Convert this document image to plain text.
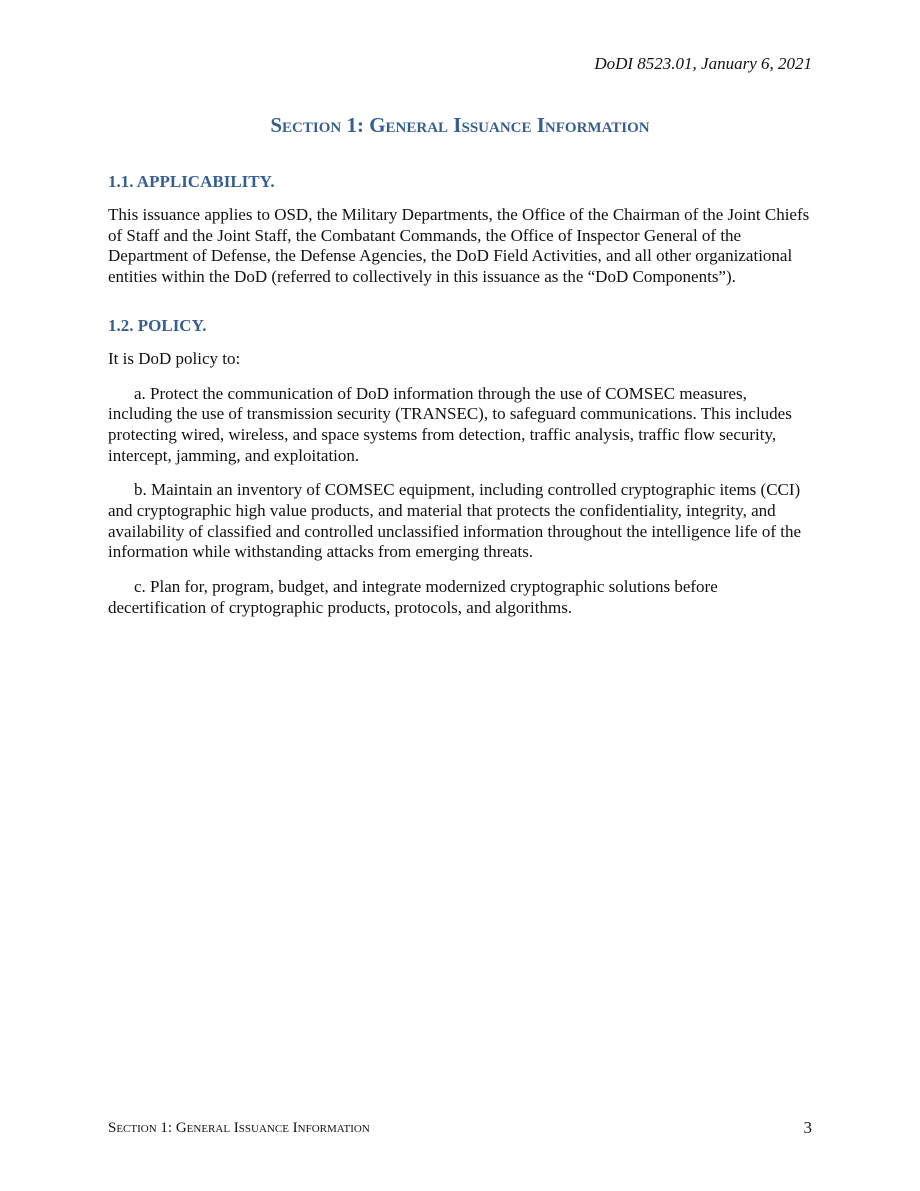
DoDI 8523.01, January 6, 2021
Section 1: General Issuance Information

1.1. APPLICABILITY.

This issuance applies to OSD, the Military Departments, the Office of the Chairman of the Joint Chiefs of Staff and the Joint Staff, the Combatant Commands, the Office of Inspector General of the Department of Defense, the Defense Agencies, the DoD Field Activities, and all other organizational entities within the DoD (referred to collectively in this issuance as the “DoD Components”).

1.2. POLICY.

It is DoD policy to:

a. Protect the communication of DoD information through the use of COMSEC measures, including the use of transmission security (TRANSEC), to safeguard communications. This includes protecting wired, wireless, and space systems from detection, traffic analysis, traffic flow security, intercept, jamming, and exploitation.

b. Maintain an inventory of COMSEC equipment, including controlled cryptographic items (CCI) and cryptographic high value products, and material that protects the confidentiality, integrity, and availability of classified and controlled unclassified information throughout the intelligence life of the information while withstanding attacks from emerging threats.

c. Plan for, program, budget, and integrate modernized cryptographic solutions before decertification of cryptographic products, protocols, and algorithms.

Section 1: General Issuance Information	3
